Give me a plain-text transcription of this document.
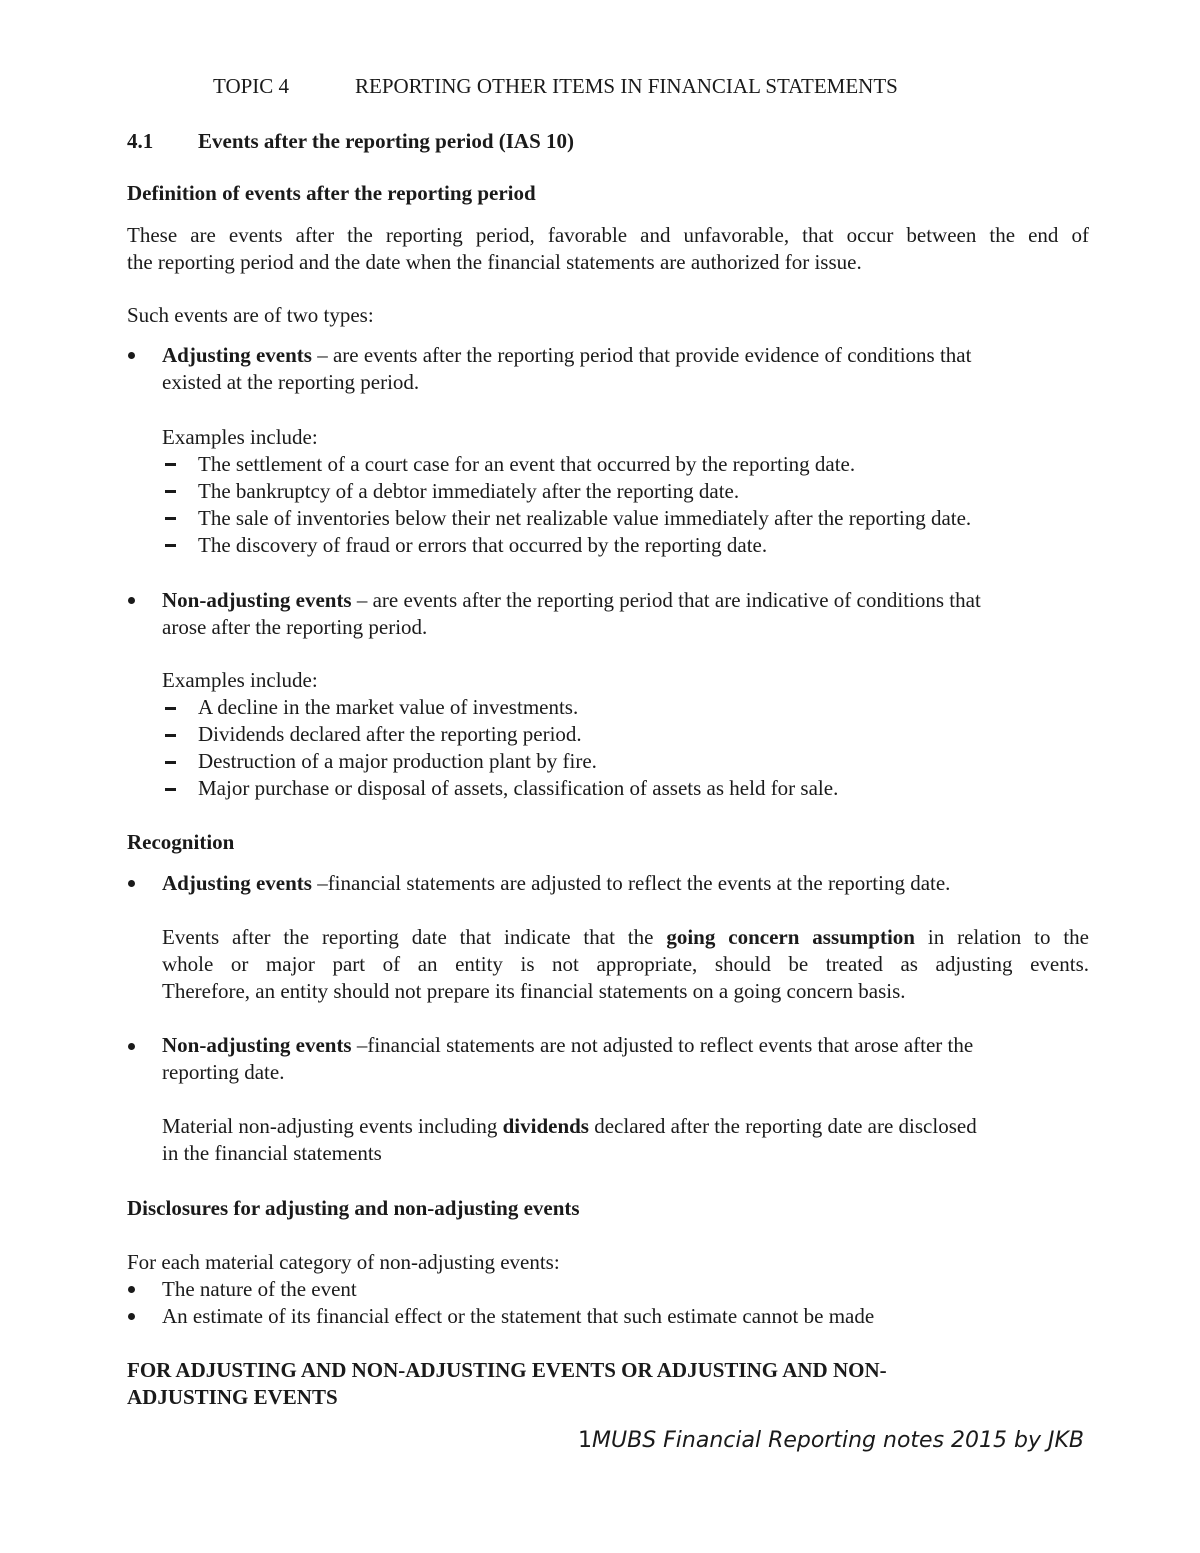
TOPIC 4	REPORTING OTHER ITEMS IN FINANCIAL STATEMENTS
4.1 Events after the reporting period (IAS 10)
Definition of events after the reporting period
These are events after the reporting period, favorable and unfavorable, that occur between the end of
the reporting period and the date when the financial statements are authorized for issue.
Such events are of two types:
Adjusting events – are events after the reporting period that provide evidence of conditions that
existed at the reporting period.
Examples include:
The settlement of a court case for an event that occurred by the reporting date.
The bankruptcy of a debtor immediately after the reporting date.
The sale of inventories below their net realizable value immediately after the reporting date.
The discovery of fraud or errors that occurred by the reporting date.
Non-adjusting events – are events after the reporting period that are indicative of conditions that
arose after the reporting period.
Examples include:
A decline in the market value of investments.
Dividends declared after the reporting period.
Destruction of a major production plant by fire.
Major purchase or disposal of assets, classification of assets as held for sale.
Recognition
Adjusting events –financial statements are adjusted to reflect the events at the reporting date.
Events after the reporting date that indicate that the going concern assumption in relation to the
whole or major part of an entity is not appropriate, should be treated as adjusting events.
Therefore, an entity should not prepare its financial statements on a going concern basis.
Non-adjusting events –financial statements are not adjusted to reflect events that arose after the
reporting date.
Material non-adjusting events including dividends declared after the reporting date are disclosed
in the financial statements
Disclosures for adjusting and non-adjusting events
For each material category of non-adjusting events:
The nature of the event
An estimate of its financial effect or the statement that such estimate cannot be made
FOR ADJUSTING AND NON-ADJUSTING EVENTS OR ADJUSTING AND NON-
ADJUSTING EVENTS
1MUBS Financial Reporting notes 2015 by JKB
